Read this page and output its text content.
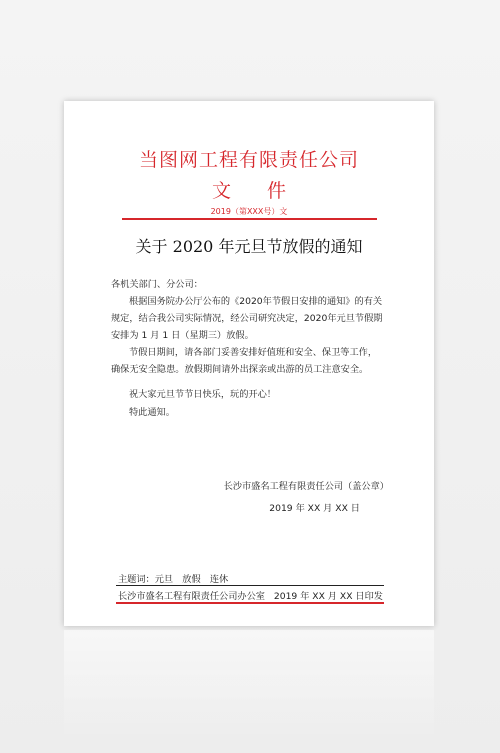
当图网工程有限责任公司
文 件
2019（第XXX号）文
关于 2020 年元旦节放假的通知
各机关部门、分公司：
根据国务院办公厅公布的《2020年节假日安排的通知》的有关规定，结合我公司实际情况，经公司研究决定，2020年元旦节假期安排为 1 月 1 日（星期三）放假。
节假日期间，请各部门妥善安排好值班和安全、保卫等工作，确保无安全隐患。放假期间请外出探亲或出游的员工注意安全。
祝大家元旦节节日快乐，玩的开心！
特此通知。
长沙市盛名工程有限责任公司（盖公章）
2019 年 XX 月 XX 日
主题词：元旦　放假　连休
长沙市盛名工程有限责任公司办公室 2019 年 XX 月 XX 日印发
